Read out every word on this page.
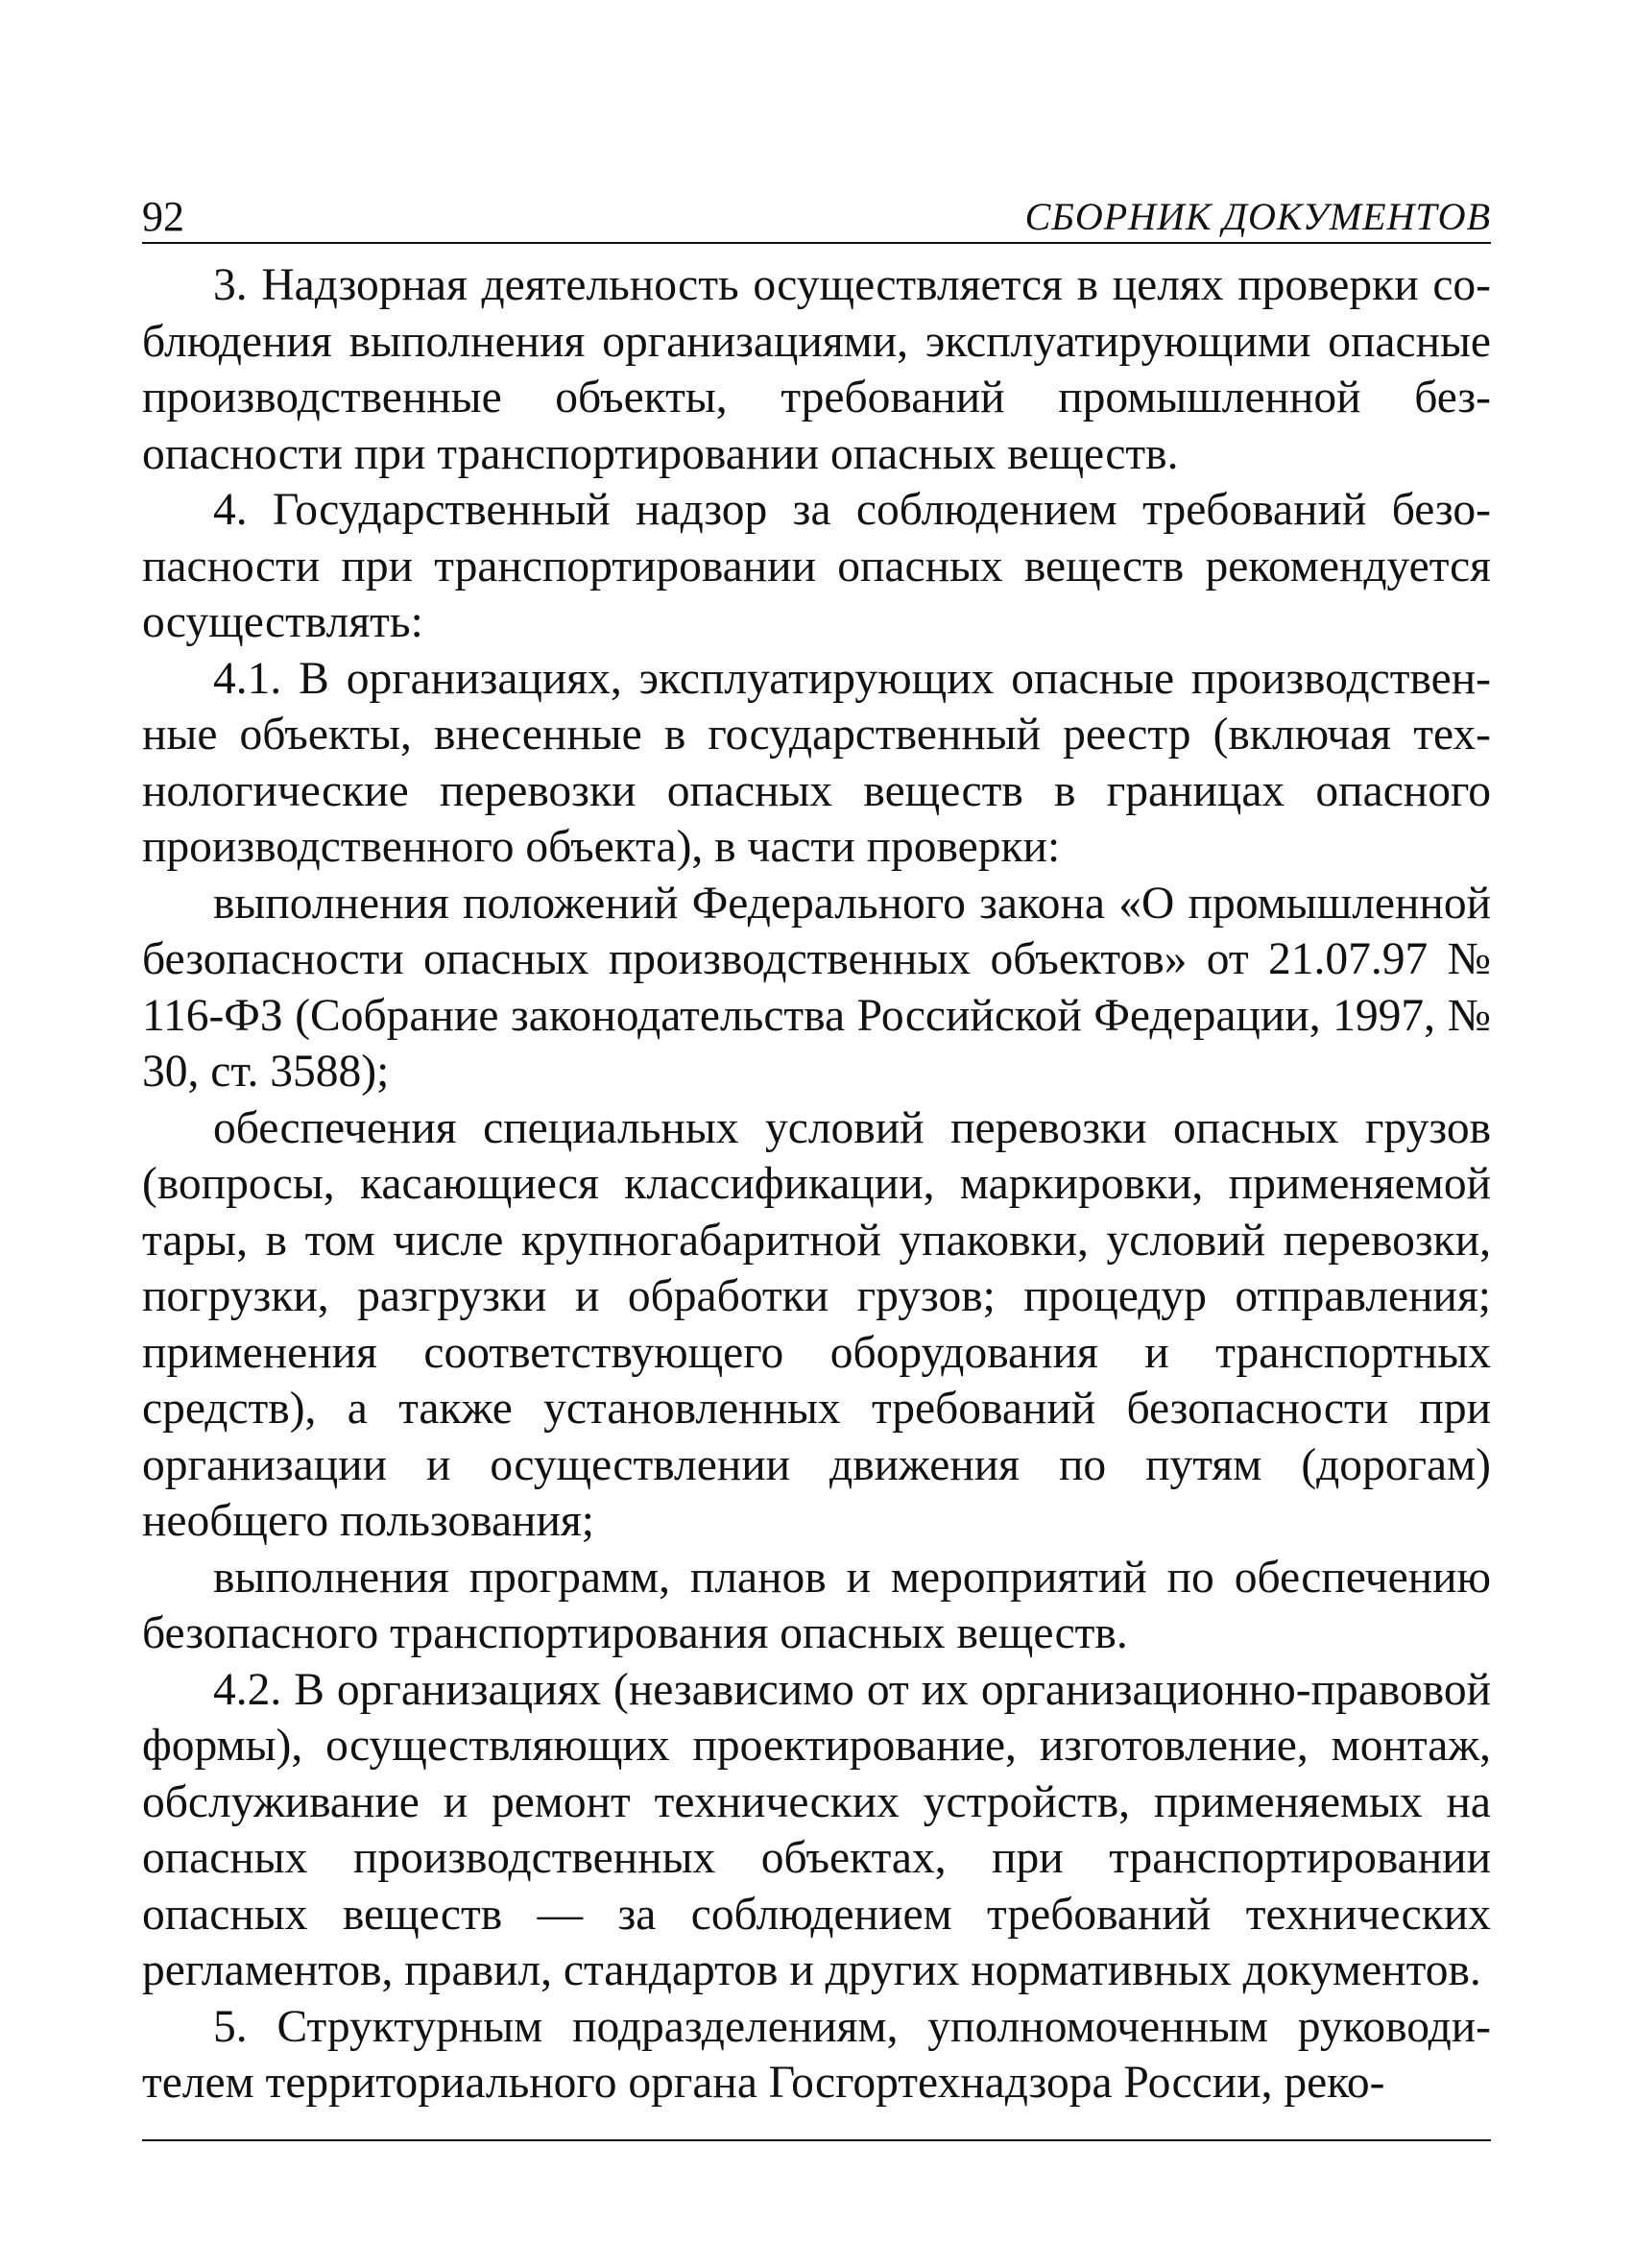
92	СБОРНИК ДОКУМЕНТОВ

3. Надзорная деятельность осуществляется в целях проверки соблюдения выполнения организациями, эксплуатирующими опасные производственные объекты, требований промышленной безопасности при транспортировании опасных веществ.

4. Государственный надзор за соблюдением требований безопасности при транспортировании опасных веществ рекомендуется осуществлять:

4.1. В организациях, эксплуатирующих опасные производственные объекты, внесенные в государственный реестр (включая технологические перевозки опасных веществ в границах опасного производственного объекта), в части проверки:

выполнения положений Федерального закона «О промышленной безопасности опасных производственных объектов» от 21.07.97 № 116-ФЗ (Собрание законодательства Российской Федерации, 1997, № 30, ст. 3588);

обеспечения специальных условий перевозки опасных грузов (вопросы, касающиеся классификации, маркировки, применяемой тары, в том числе крупногабаритной упаковки, условий перевозки, погрузки, разгрузки и обработки грузов; процедур отправления; применения соответствующего оборудования и транспортных средств), а также установленных требований безопасности при организации и осуществлении движения по путям (дорогам) необщего пользования;

выполнения программ, планов и мероприятий по обеспечению безопасного транспортирования опасных веществ.

4.2. В организациях (независимо от их организационно-правовой формы), осуществляющих проектирование, изготовление, монтаж, обслуживание и ремонт технических устройств, применяемых на опасных производственных объектах, при транспортировании опасных веществ — за соблюдением требований технических регламентов, правил, стандартов и других нормативных документов.

5. Структурным подразделениям, уполномоченным руководителем территориального органа Госгортехнадзора России, реко-
